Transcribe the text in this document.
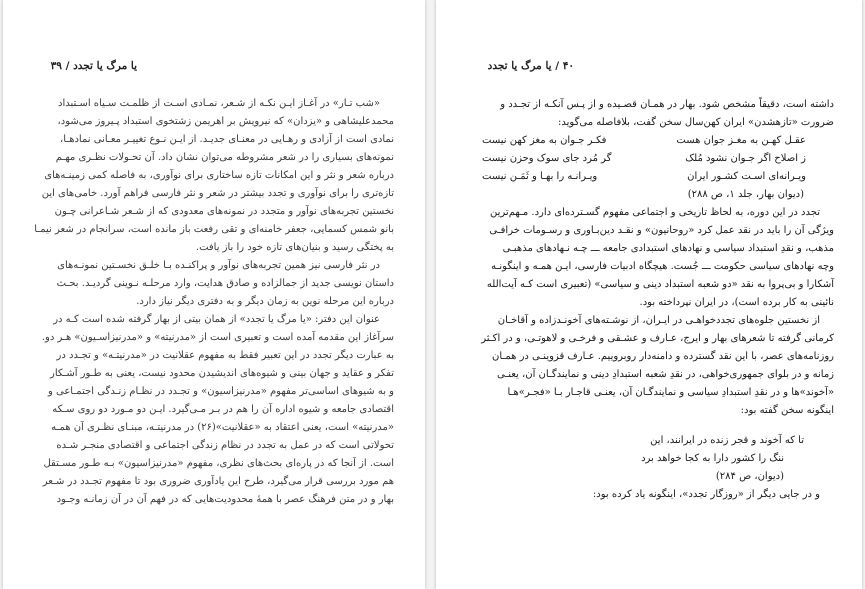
یا مرگ یا تجدد / ۳۹

«شب تـار» در آغـاز ایـن نکـه از شـعر، نمـادی اسـت از ظلمـت سـیاه اسـتبداد

محمدعلیشاهی و «یزدان» که نیرویش بر اهریمن زشتخوی استبداد پـیروز می‌شود،

نمادی است از آزادی و رهـایی در معنـای جدیـد. از ایـن نـوع تغییـر معـانی نمادهـا،

نمونه‌های بسیاری را در شعر مشروطه می‌توان نشان داد. آن تحـولات نظـری مهـم

درباره شعر و نثر و این امکانات تازه ساختاری برای نوآوری، به فاصله کمی زمینـه‌های

تازه‌تری را برای نوآوری و تجدد بیشتر در شعر و نثر فارسی فراهم آورد. خامی‌های این

نخستین تجربه‌های نوآور و متجدد در نمونه‌های معدودی که از شـعر شـاعرانی چـون

بانو شمس کسمایی، جعفر خامنه‌ای و تقی رفعت باز مانده است، سرانجام در شعر نیمـا

به پختگی رسید و بنیان‌های تازه خود را باز یافت.

در نثر فارسی نیز همین تجربه‌های نوآور و پراکنـده بـا خلـق نخسـتین نمونـه‌های

داستان نویسی جدید از جمالزاده و صادق هدایت، وارد مرحلـه نـوینی گردیـد. بحـث

درباره این مرحله نوین به زمان دیگر و به دفتری دیگر نیاز دارد.

عنوان این دفتر: «یا مرگ یا تجدد» از همان بیتی از بهار گرفته شده است کـه در

سرآغاز این مقدمه آمده است و تعبیری است از «مدرنیته» و «مدرنیزاسـیون» هـر دو.

به عبارت دیگر تجدد در این تعبیر فقط به مفهوم عقلانیت در «مدرنیتـه» و تجـدد در

تفکر و عقاید و جهان بینی و شیوه‌های اندیشیدن محدود نیست، یعنی به طـور آشـکار

و به شیوهای اساسی‌تر مفهوم «مدرنیزاسیون» و تجـدد در نظـام زنـدگی اجتمـاعی و

اقتصادی جامعه و شیوه اداره آن را هم در بـر مـی‌گیرد. ایـن دو مـورد دو روی سـکه

«مدرنیته» است، یعنی اعتقاد به «عقلانیت»(۲۶) در مدرنیتـه، مبنـای نظـری آن همـه

تحولاتی است که در عمل به تجدد در نظام زندگی اجتماعی و اقتصادی منجـر شـده

است. از آنجا که در پاره‌ای بحث‌های نظری، مفهوم «مدرنیزاسیون» بـه طـور مسـتقل

هم مورد بررسی قرار می‌گیرد، طرح این یادآوری ضروری بود تا مفهوم تجـدد در شـعر

بهار و در متن فرهنگ عصر با همهٔ محدودیت‌هایی که در فهم آن در آن زمانـه وجـود

۴۰ / یا مرگ یا تجدد

داشته است، دقیقاً مشخص شود. بهار در همـان قصـیده و از پـس آنکـه از تجـدد و

ضرورت «تازهشدن» ایران کهن‌سال سخن گفت، بلافاصله می‌گوید:

عقـل کهـن به مغـز جوان هست
فکـر جـوان به مغز کهن نیست
ز اصلاح اگر جـوان نشود مُلک
گر مُرد جای سوک وحزن نیست
ویـرانه‌ای اسـت کشـور ایران
ویـرانـه را بهـا و ثَمَـن نیست

(دیوان بهار، جلد ۱، ص ۲۸۸)

تجدد در این دوره، به لحاظ تاریخی و اجتماعی مفهوم گسـترده‌ای دارد. مـهم‌ترین

ویژگی آن را باید در نقد عمل کرد «روحانیون» و نقـد دین‌بـاوری و رسـومات خرافـی

مذهب، و نقدِ استبداد سیاسی و نهادهای استبدادی جامعه ـــ چـه نـهادهای مذهبـی

وچه نهادهای سیاسی حکومت ـــ جُست. هیچگاه ادبیات فارسی، ایـن همـه و اینگونـه

آشکارا و بی‌پروا به نقد «دو شعبه استبداد دینی و سیاسی» (تعبیری است کـه آیت‌الله

نائینی به کار برده است)، در ایران نپرداخته بود.

از نخستین جلوه‌های تجددخواهـی در ایـران، از نوشـته‌های آخونـدزاده و آقاخـان

کرمانی گرفته تا شعرهای بهار و ایرج، عـارف و عشـقی و فرخـی و لاهوتـی، و در اکـثر

روزنامه‌های عصر، با این نقد گسترده و دامنه‌دار روبروییم. عـارف قزوینـی در همـان

زمانه و در بلوای جمهوری‌خواهی، در نقدِ شعبه استبدادِ دینی و نمایندگـان آن، یعنـی

«آخوند»ها و در نقدِ استبدادِ سیاسی و نمایندگـان آن، یعنـی قاجـار بـا «فجـر»هـا

اینگونه سخن گفته بود:

تا که آخوند و قجر زنده در ایرانند، این

ننگ را کشور دارا به کجا خواهد برد

(دیوان، ص ۲۸۴)

و در جایی دیگر از «روزگار تجدد»، اینگونه یاد کرده بود:
